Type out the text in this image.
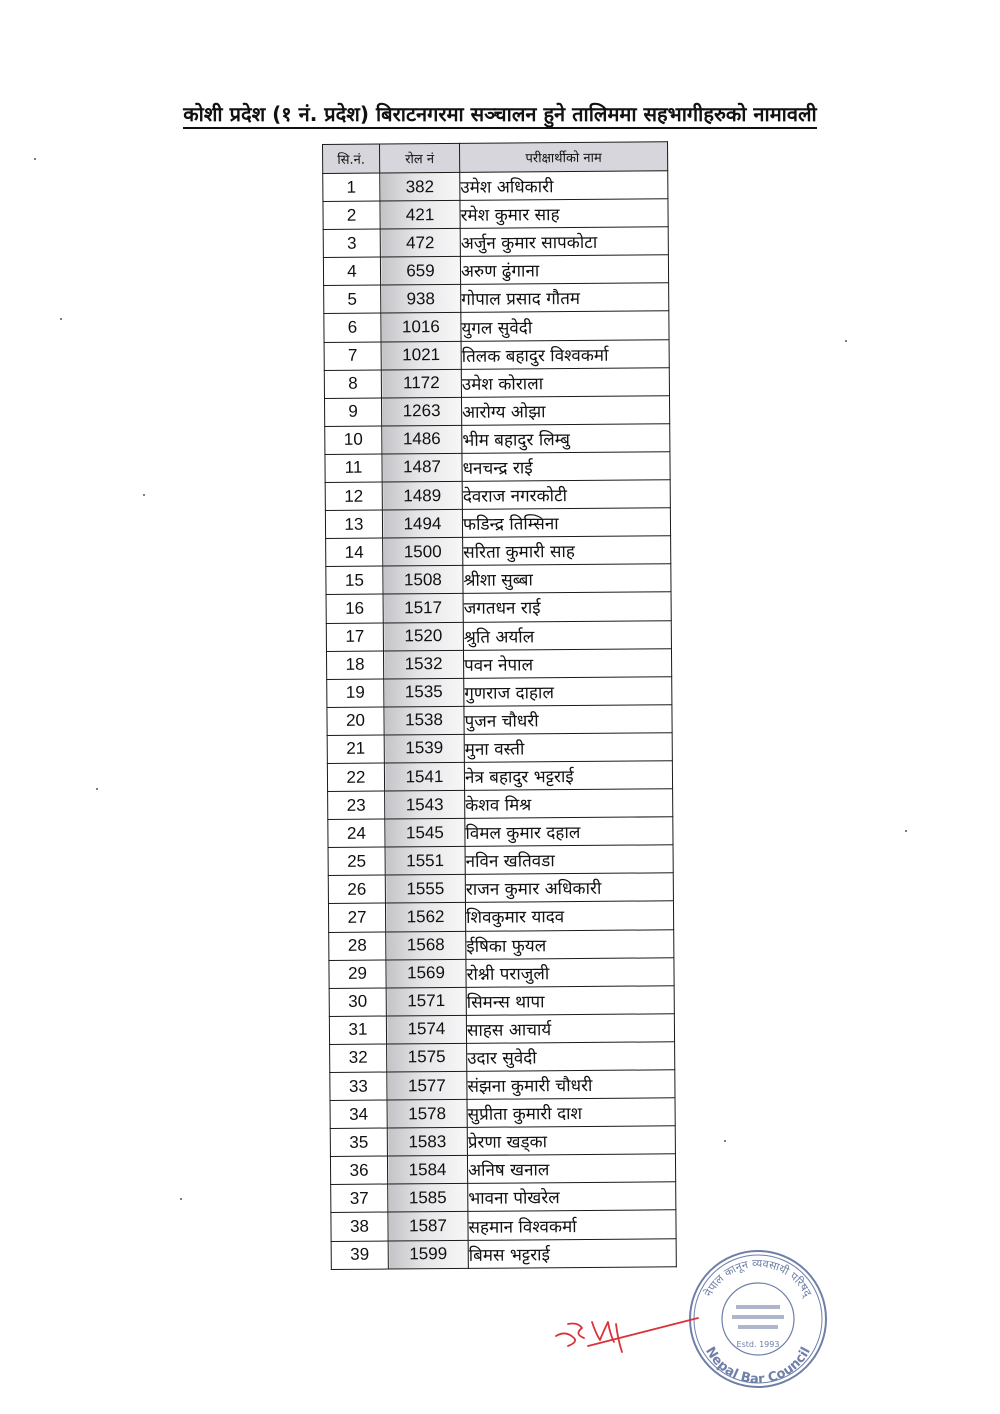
कोशी प्रदेश (१ नं. प्रदेश) बिराटनगरमा सञ्चालन हुने तालिममा सहभागीहरुको नामावली
सि.नं.	रोल नं	परीक्षार्थीको नाम
1	382	उमेश अधिकारी
2	421	रमेश कुमार साह
3	472	अर्जुन कुमार सापकोटा
4	659	अरुण ढुंगाना
5	938	गोपाल प्रसाद गौतम
6	1016	युगल सुवेदी
7	1021	तिलक बहादुर विश्वकर्मा
8	1172	उमेश कोराला
9	1263	आरोग्य ओझा
10	1486	भीम बहादुर लिम्बु
11	1487	धनचन्द्र राई
12	1489	देवराज नगरकोटी
13	1494	फडिन्द्र तिम्सिना
14	1500	सरिता कुमारी साह
15	1508	श्रीशा सुब्बा
16	1517	जगतधन राई
17	1520	श्रुति अर्याल
18	1532	पवन नेपाल
19	1535	गुणराज दाहाल
20	1538	पुजन चौधरी
21	1539	मुना वस्ती
22	1541	नेत्र बहादुर भट्टराई
23	1543	केशव मिश्र
24	1545	विमल कुमार दहाल
25	1551	नविन खतिवडा
26	1555	राजन कुमार अधिकारी
27	1562	शिवकुमार यादव
28	1568	ईषिका फुयल
29	1569	रोश्नी पराजुली
30	1571	सिमन्स थापा
31	1574	साहस आचार्य
32	1575	उदार सुवेदी
33	1577	संझना कुमारी चौधरी
34	1578	सुप्रीता कुमारी दाश
35	1583	प्रेरणा खड्का
36	1584	अनिष खनाल
37	1585	भावना पोखरेल
38	1587	सहमान विश्वकर्मा
39	1599	बिमस भट्टराई
नेपाल कानून व्यवसायी परिषद्
Nepal Bar Council
Estd. 1993
